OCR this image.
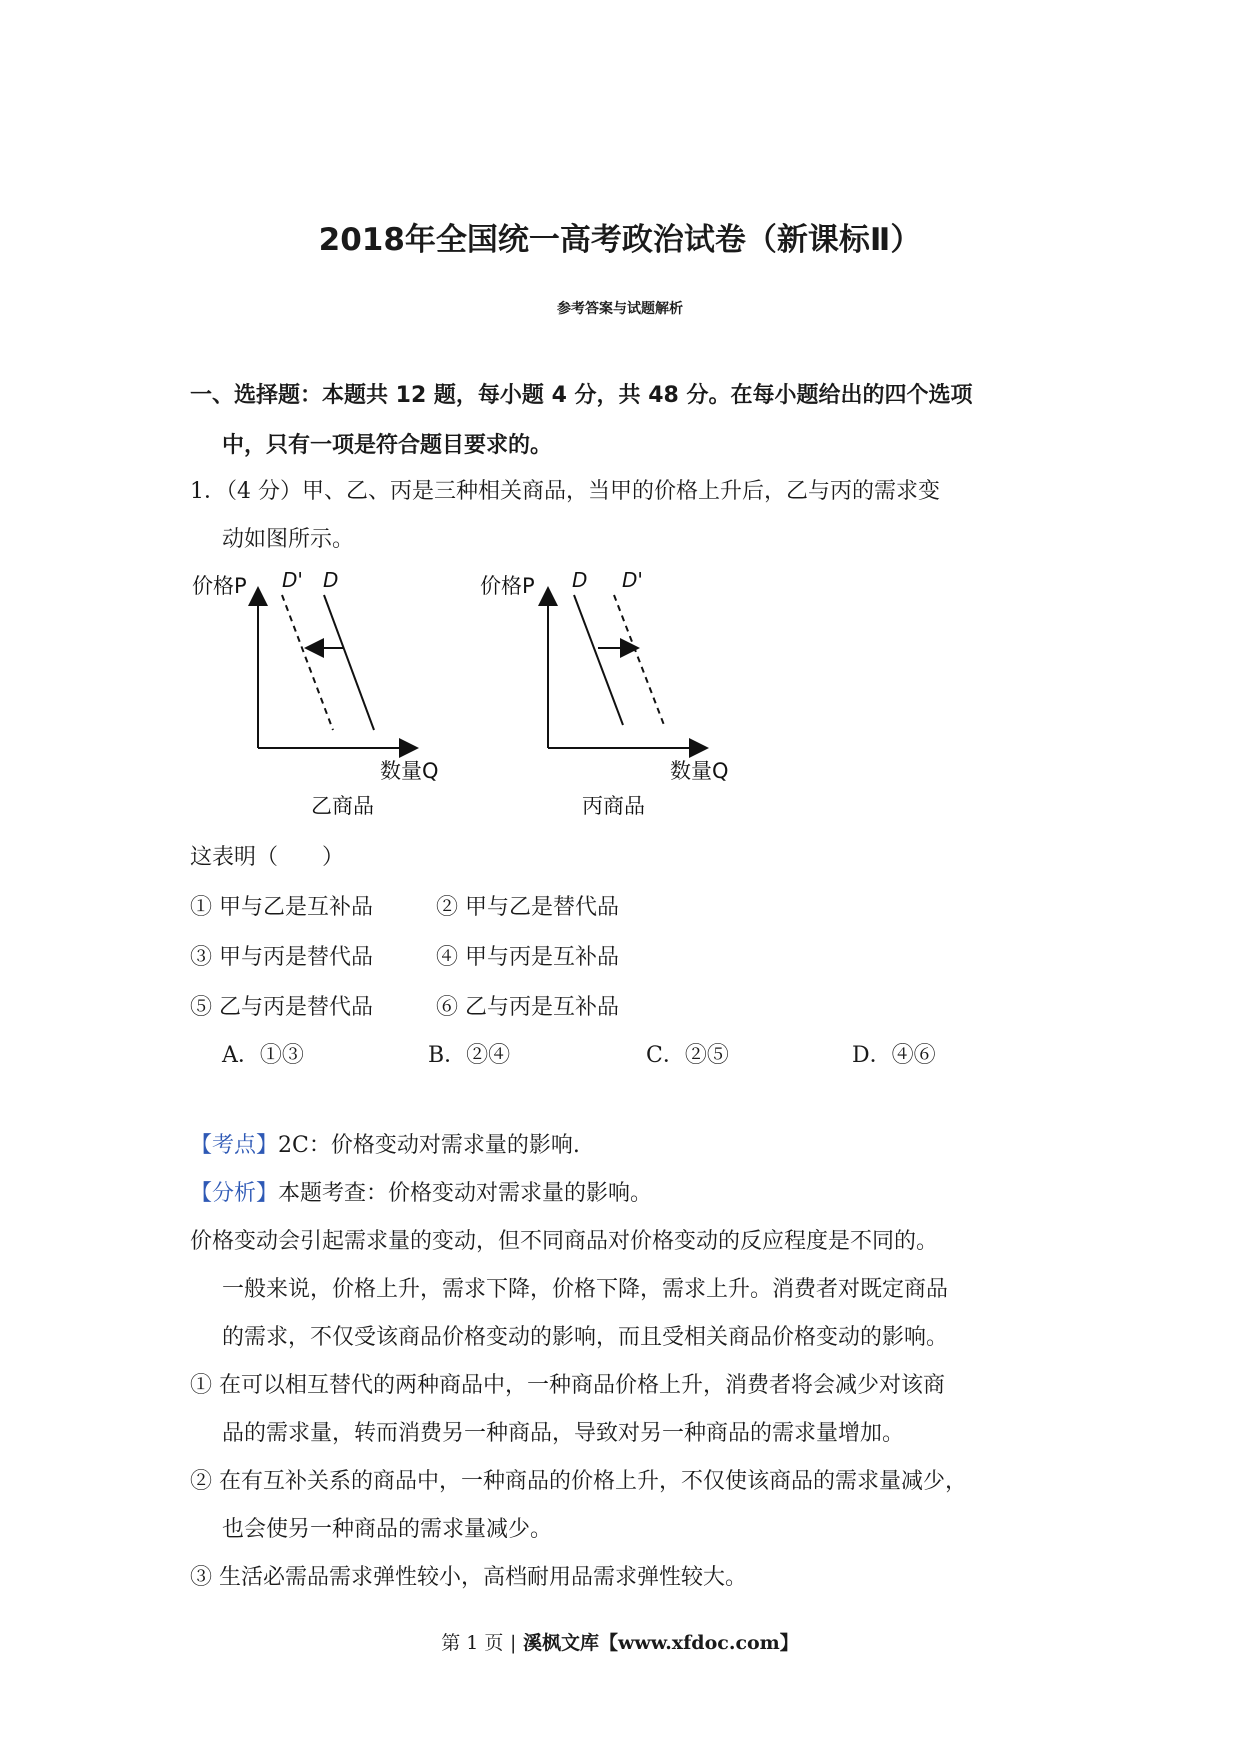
2018年全国统一高考政治试卷（新课标Ⅱ）
参考答案与试题解析
一、选择题：本题共 12 题，每小题 4 分，共 48 分。在每小题给出的四个选项
中，只有一项是符合题目要求的。
1．（4 分）甲、乙、丙是三种相关商品，当甲的价格上升后，乙与丙的需求变
动如图所示。
价格P
数量Q
D' D
乙商品
价格P
数量Q
D D'
丙商品
这表明（　　）
① 甲与乙是互补品	② 甲与乙是替代品
③ 甲与丙是替代品	④ 甲与丙是互补品
⑤ 乙与丙是替代品	⑥ 乙与丙是互补品
A．①③	B．②④	C．②⑤	D．④⑥
【考点】2C：价格变动对需求量的影响.
【分析】本题考查：价格变动对需求量的影响。
价格变动会引起需求量的变动，但不同商品对价格变动的反应程度是不同的。
一般来说，价格上升，需求下降，价格下降，需求上升。消费者对既定商品
的需求，不仅受该商品价格变动的影响，而且受相关商品价格变动的影响。
① 在可以相互替代的两种商品中，一种商品价格上升，消费者将会减少对该商
品的需求量，转而消费另一种商品，导致对另一种商品的需求量增加。
② 在有互补关系的商品中，一种商品的价格上升，不仅使该商品的需求量减少，
也会使另一种商品的需求量减少。
③ 生活必需品需求弹性较小，高档耐用品需求弹性较大。
第 1 页 | 溪枫文库【www.xfdoc.com】
